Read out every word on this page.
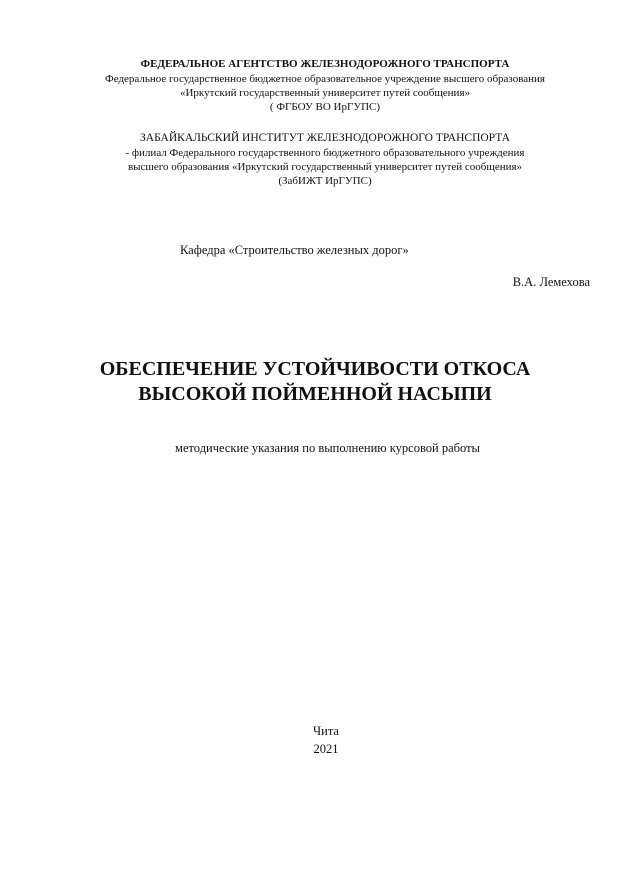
ФЕДЕРАЛЬНОЕ АГЕНТСТВО ЖЕЛЕЗНОДОРОЖНОГО ТРАНСПОРТА
Федеральное государственное бюджетное образовательное учреждение высшего образования
«Иркутский государственный университет путей сообщения»
( ФГБОУ ВО ИрГУПС)
ЗАБАЙКАЛЬСКИЙ ИНСТИТУТ ЖЕЛЕЗНОДОРОЖНОГО ТРАНСПОРТА
- филиал Федерального государственного бюджетного образовательного учреждения
высшего образования «Иркутский государственный университет путей сообщения»
(ЗабИЖТ ИрГУПС)
Кафедра «Строительство железных дорог»
В.А. Лемехова
ОБЕСПЕЧЕНИЕ УСТОЙЧИВОСТИ ОТКОСА
ВЫСОКОЙ ПОЙМЕННОЙ НАСЫПИ
методические указания по выполнению курсовой работы
Чита
2021
